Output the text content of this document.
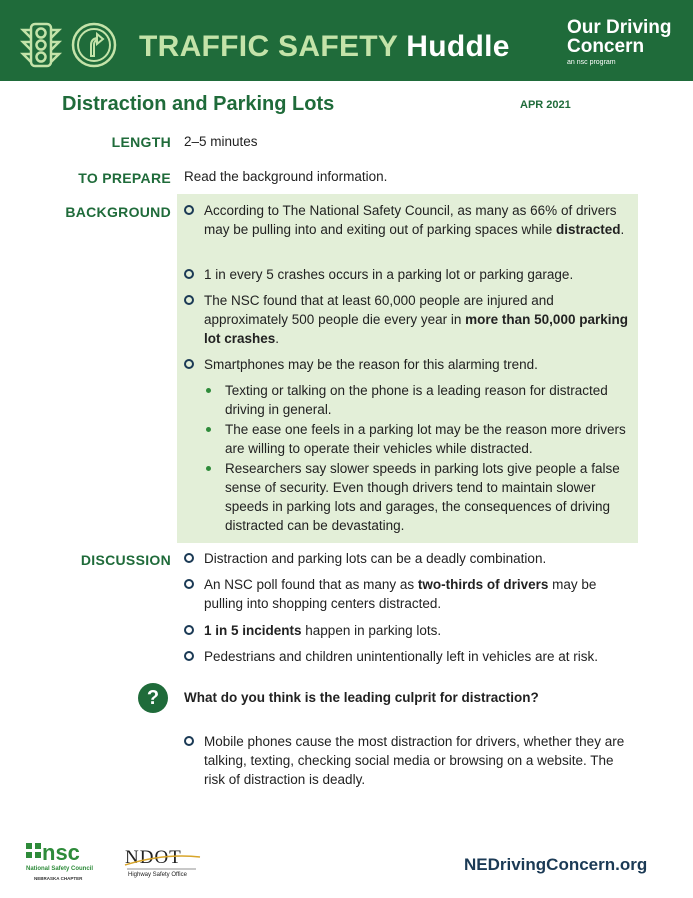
TRAFFIC SAFETY Huddle
Our Driving
Concern
an nsc program
Distraction and Parking Lots	APR 2021
LENGTH 2–5 minutes
TO PREPARE Read the background information.
BACKGROUND According to The National Safety Council, as many as 66% of drivers may be pulling into and exiting out of parking spaces while distracted.
1 in every 5 crashes occurs in a parking lot or parking garage.
The NSC found that at least 60,000 people are injured and approximately 500 people die every year in more than 50,000 parking lot crashes.
Smartphones may be the reason for this alarming trend.
Texting or talking on the phone is a leading reason for distracted driving in general.
The ease one feels in a parking lot may be the reason more drivers are willing to operate their vehicles while distracted.
Researchers say slower speeds in parking lots give people a false sense of security. Even though drivers tend to maintain slower speeds in parking lots and garages, the consequences of driving distracted can be devastating.
DISCUSSION Distraction and parking lots can be a deadly combination.
An NSC poll found that as many as two-thirds of drivers may be pulling into shopping centers distracted.
1 in 5 incidents happen in parking lots.
Pedestrians and children unintentionally left in vehicles are at risk.
?	What do you think is the leading culprit for distraction?
Mobile phones cause the most distraction for drivers, whether they are talking, texting, checking social media or browsing on a website. The risk of distraction is deadly.
nsc
National Safety Council
NEBRASKA CHAPTER
NDOT
Highway Safety Office
NEDrivingConcern.org
